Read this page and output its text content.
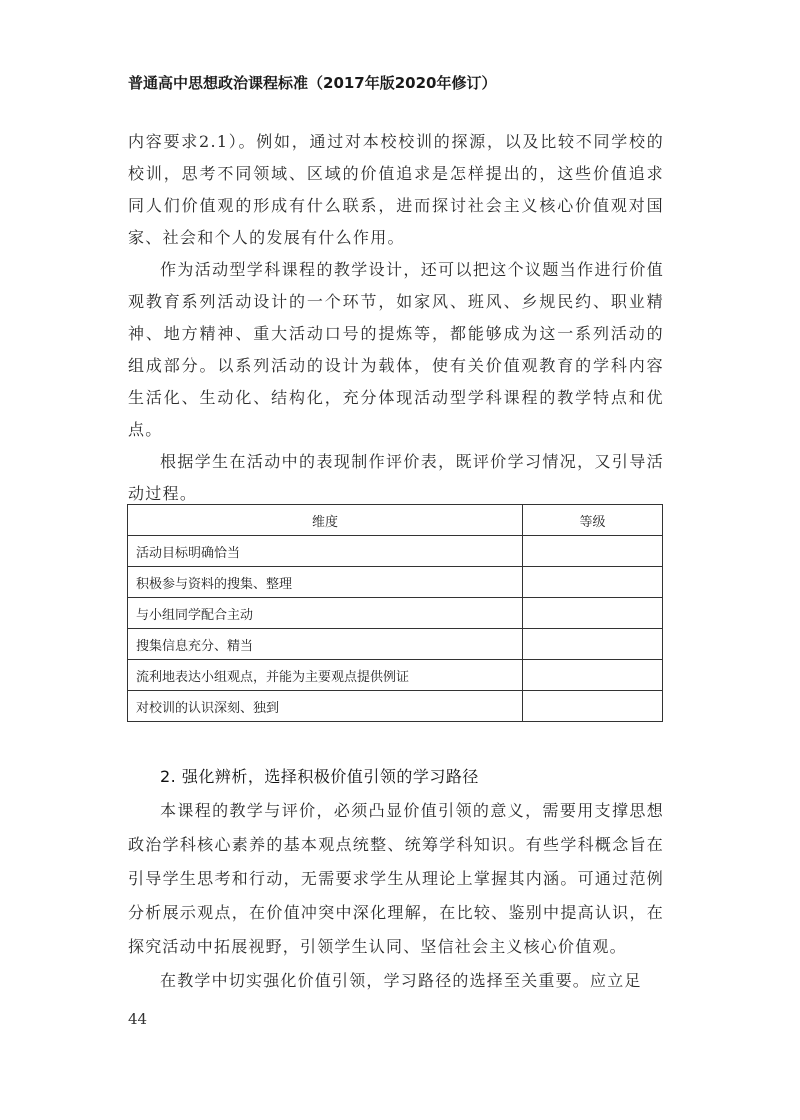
普通高中思想政治课程标准（2017年版2020年修订）

内容要求2.1）。例如，通过对本校校训的探源，以及比较不同学校的校训，思考不同领域、区域的价值追求是怎样提出的，这些价值追求同人们价值观的形成有什么联系，进而探讨社会主义核心价值观对国家、社会和个人的发展有什么作用。

作为活动型学科课程的教学设计，还可以把这个议题当作进行价值观教育系列活动设计的一个环节，如家风、班风、乡规民约、职业精神、地方精神、重大活动口号的提炼等，都能够成为这一系列活动的组成部分。以系列活动的设计为载体，使有关价值观教育的学科内容生活化、生动化、结构化，充分体现活动型学科课程的教学特点和优点。

根据学生在活动中的表现制作评价表，既评价学习情况，又引导活动过程。

维度	等级
活动目标明确恰当	
积极参与资料的搜集、整理	
与小组同学配合主动	
搜集信息充分、精当	
流利地表达小组观点，并能为主要观点提供例证	
对校训的认识深刻、独到	
2. 强化辨析，选择积极价值引领的学习路径

本课程的教学与评价，必须凸显价值引领的意义，需要用支撑思想政治学科核心素养的基本观点统整、统筹学科知识。有些学科概念旨在引导学生思考和行动，无需要求学生从理论上掌握其内涵。可通过范例分析展示观点，在价值冲突中深化理解，在比较、鉴别中提高认识，在探究活动中拓展视野，引领学生认同、坚信社会主义核心价值观。

在教学中切实强化价值引领，学习路径的选择至关重要。应立足

44
